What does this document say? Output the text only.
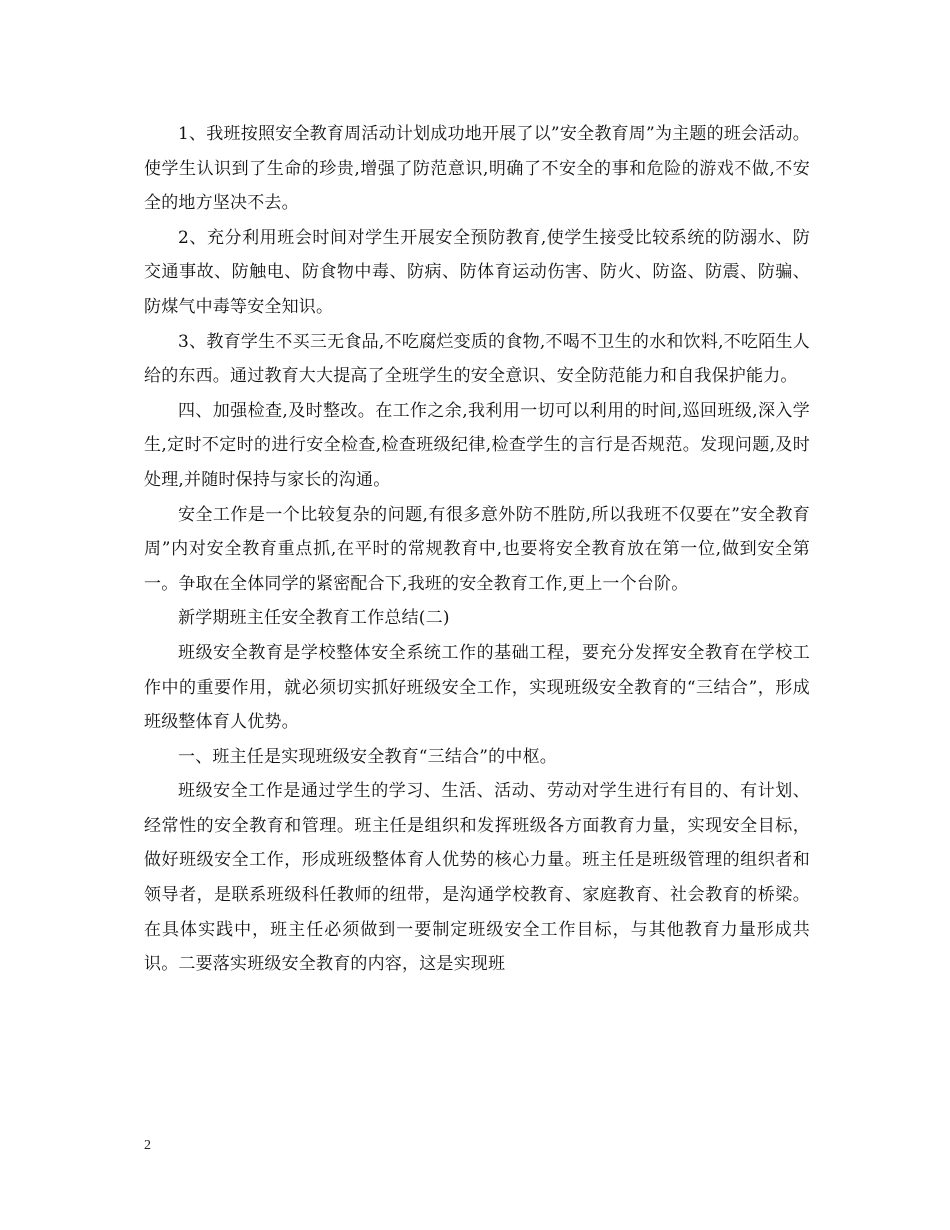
1、我班按照安全教育周活动计划成功地开展了以”安全教育周”为主题的班会活动。使学生认识到了生命的珍贵,增强了防范意识,明确了不安全的事和危险的游戏不做,不安全的地方坚决不去。

2、充分利用班会时间对学生开展安全预防教育,使学生接受比较系统的防溺水、防交通事故、防触电、防食物中毒、防病、防体育运动伤害、防火、防盗、防震、防骗、防煤气中毒等安全知识。

3、教育学生不买三无食品,不吃腐烂变质的食物,不喝不卫生的水和饮料,不吃陌生人给的东西。通过教育大大提高了全班学生的安全意识、安全防范能力和自我保护能力。

四、加强检查,及时整改。在工作之余,我利用一切可以利用的时间,巡回班级,深入学生,定时不定时的进行安全检查,检查班级纪律,检查学生的言行是否规范。发现问题,及时处理,并随时保持与家长的沟通。

安全工作是一个比较复杂的问题,有很多意外防不胜防,所以我班不仅要在”安全教育周”内对安全教育重点抓,在平时的常规教育中,也要将安全教育放在第一位,做到安全第一。争取在全体同学的紧密配合下,我班的安全教育工作,更上一个台阶。

新学期班主任安全教育工作总结(二)

班级安全教育是学校整体安全系统工作的基础工程，要充分发挥安全教育在学校工作中的重要作用，就必须切实抓好班级安全工作，实现班级安全教育的“三结合”，形成班级整体育人优势。

一、班主任是实现班级安全教育“三结合”的中枢。

班级安全工作是通过学生的学习、生活、活动、劳动对学生进行有目的、有计划、经常性的安全教育和管理。班主任是组织和发挥班级各方面教育力量，实现安全目标，做好班级安全工作，形成班级整体育人优势的核心力量。班主任是班级管理的组织者和领导者，是联系班级科任教师的纽带，是沟通学校教育、家庭教育、社会教育的桥梁。在具体实践中，班主任必须做到一要制定班级安全工作目标，与其他教育力量形成共识。二要落实班级安全教育的内容，这是实现班

2
